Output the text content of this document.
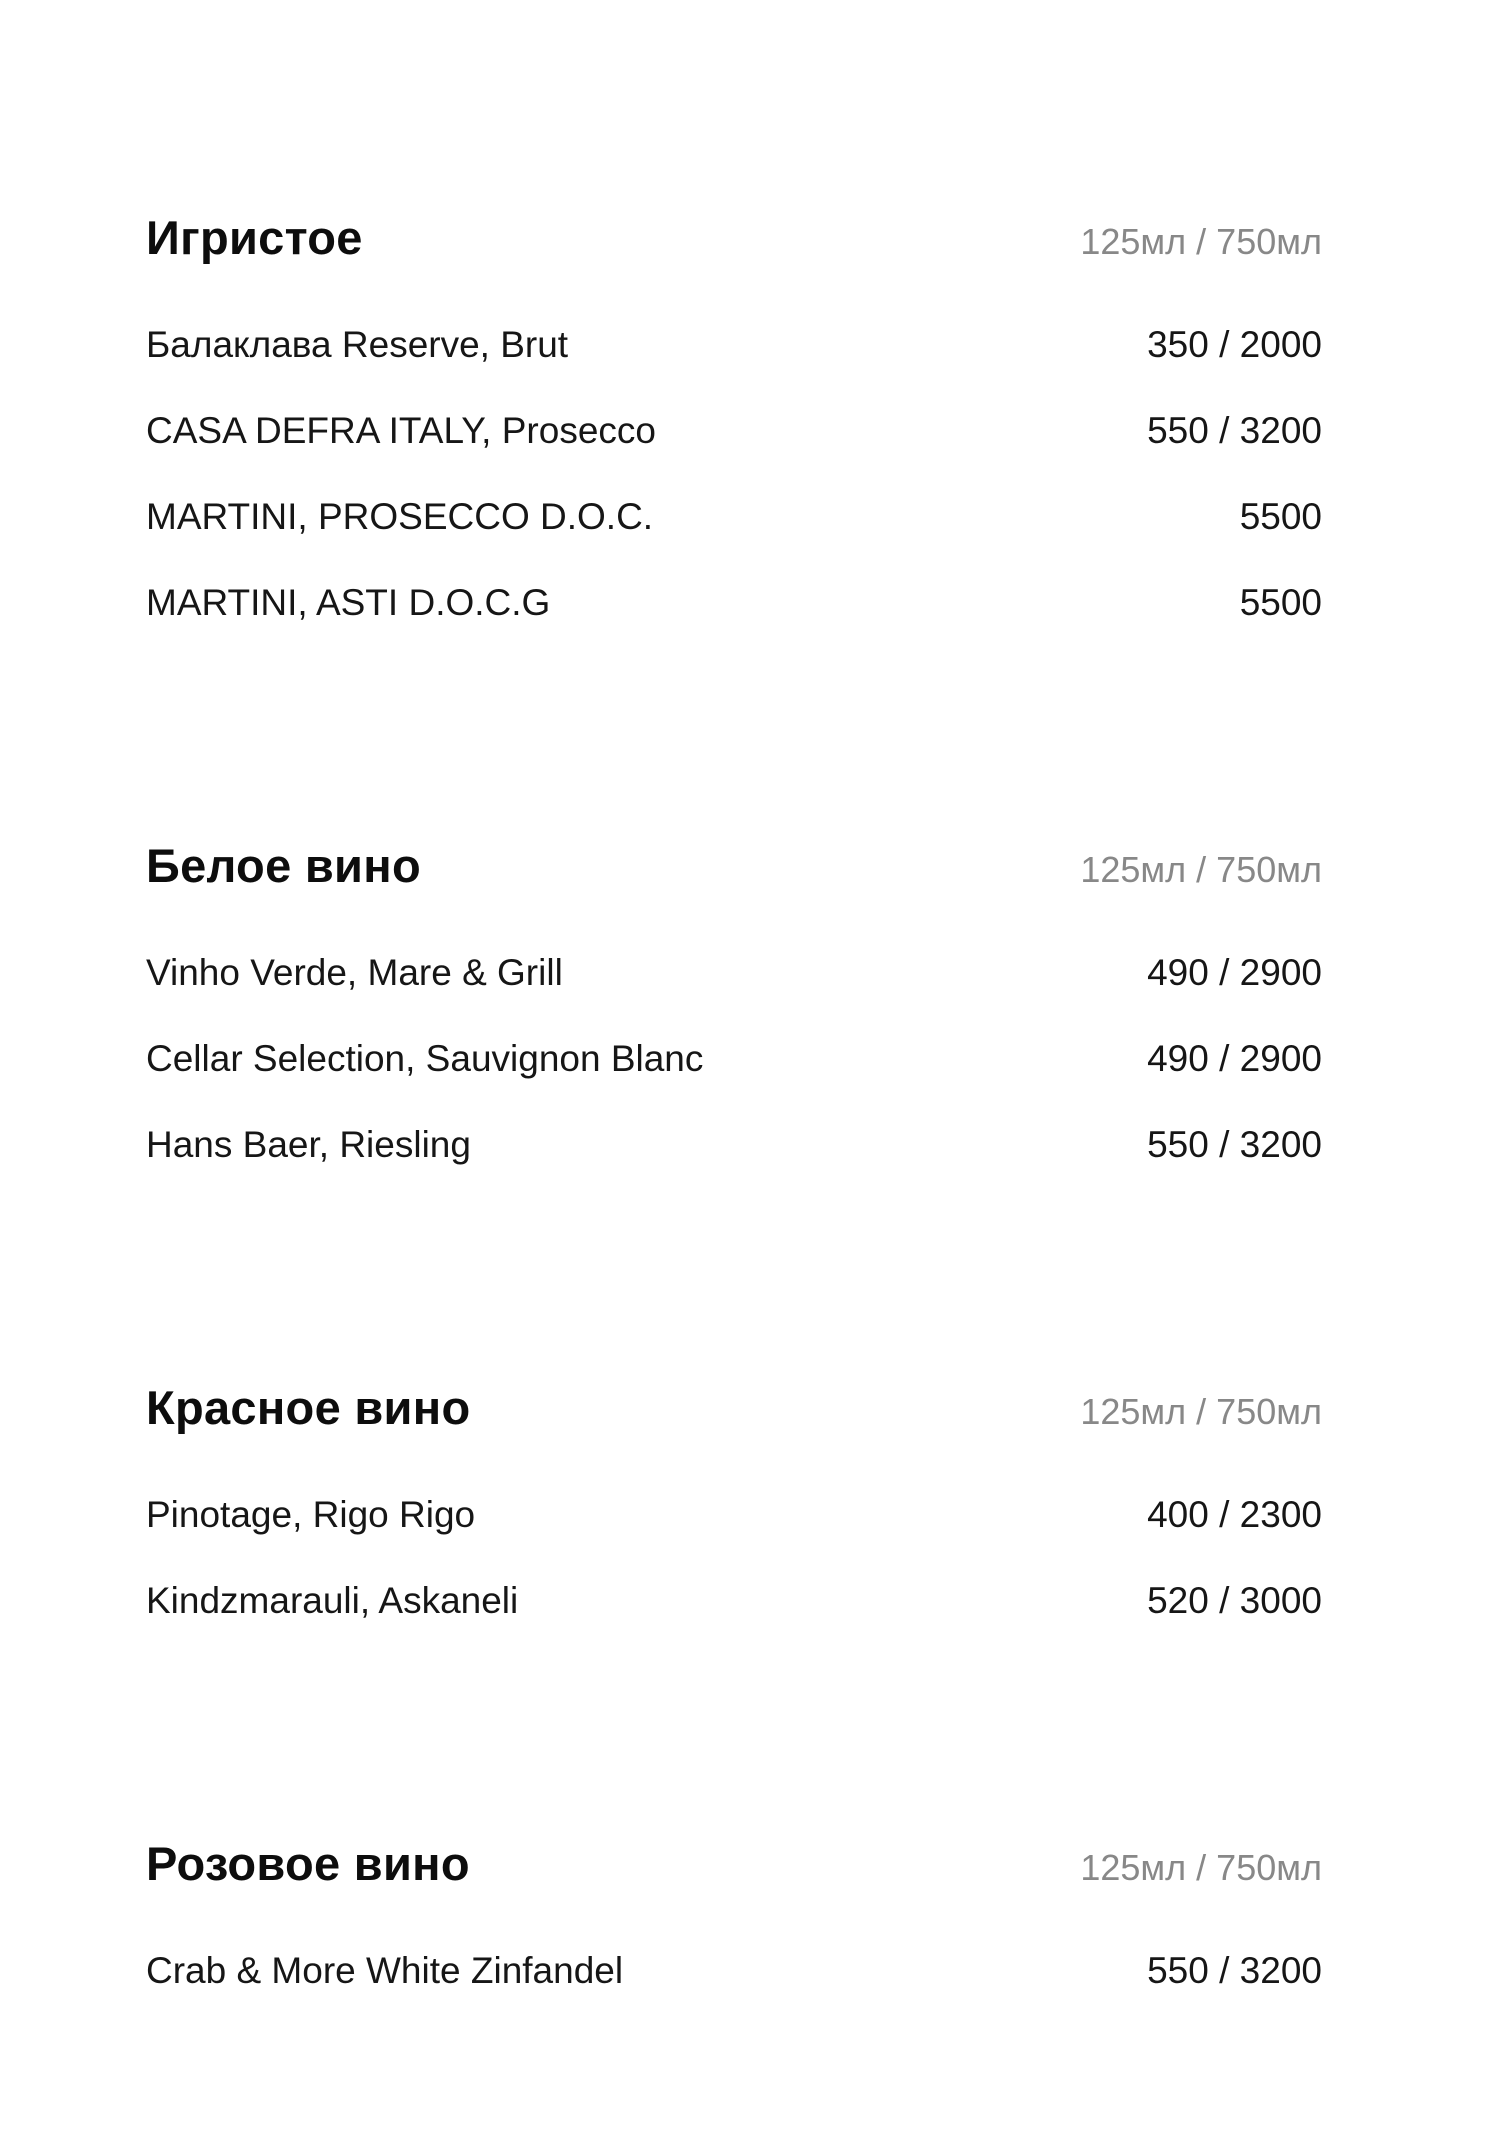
Игристое	125мл / 750мл
Балаклава Reserve, Brut	350 / 2000
CASA DEFRA ITALY, Prosecco	550 / 3200
MARTINI, PROSECCO D.O.C.	5500
MARTINI, ASTI D.O.C.G	5500
Белое вино	125мл / 750мл
Vinho Verde, Mare & Grill	490 / 2900
Cellar Selection, Sauvignon Blanc	490 / 2900
Hans Baer, Riesling	550 / 3200
Красное вино	125мл / 750мл
Pinotage, Rigo Rigo	400 / 2300
Kindzmarauli, Askaneli	520 / 3000
Розовое вино	125мл / 750мл
Crab & More White Zinfandel	550 / 3200
